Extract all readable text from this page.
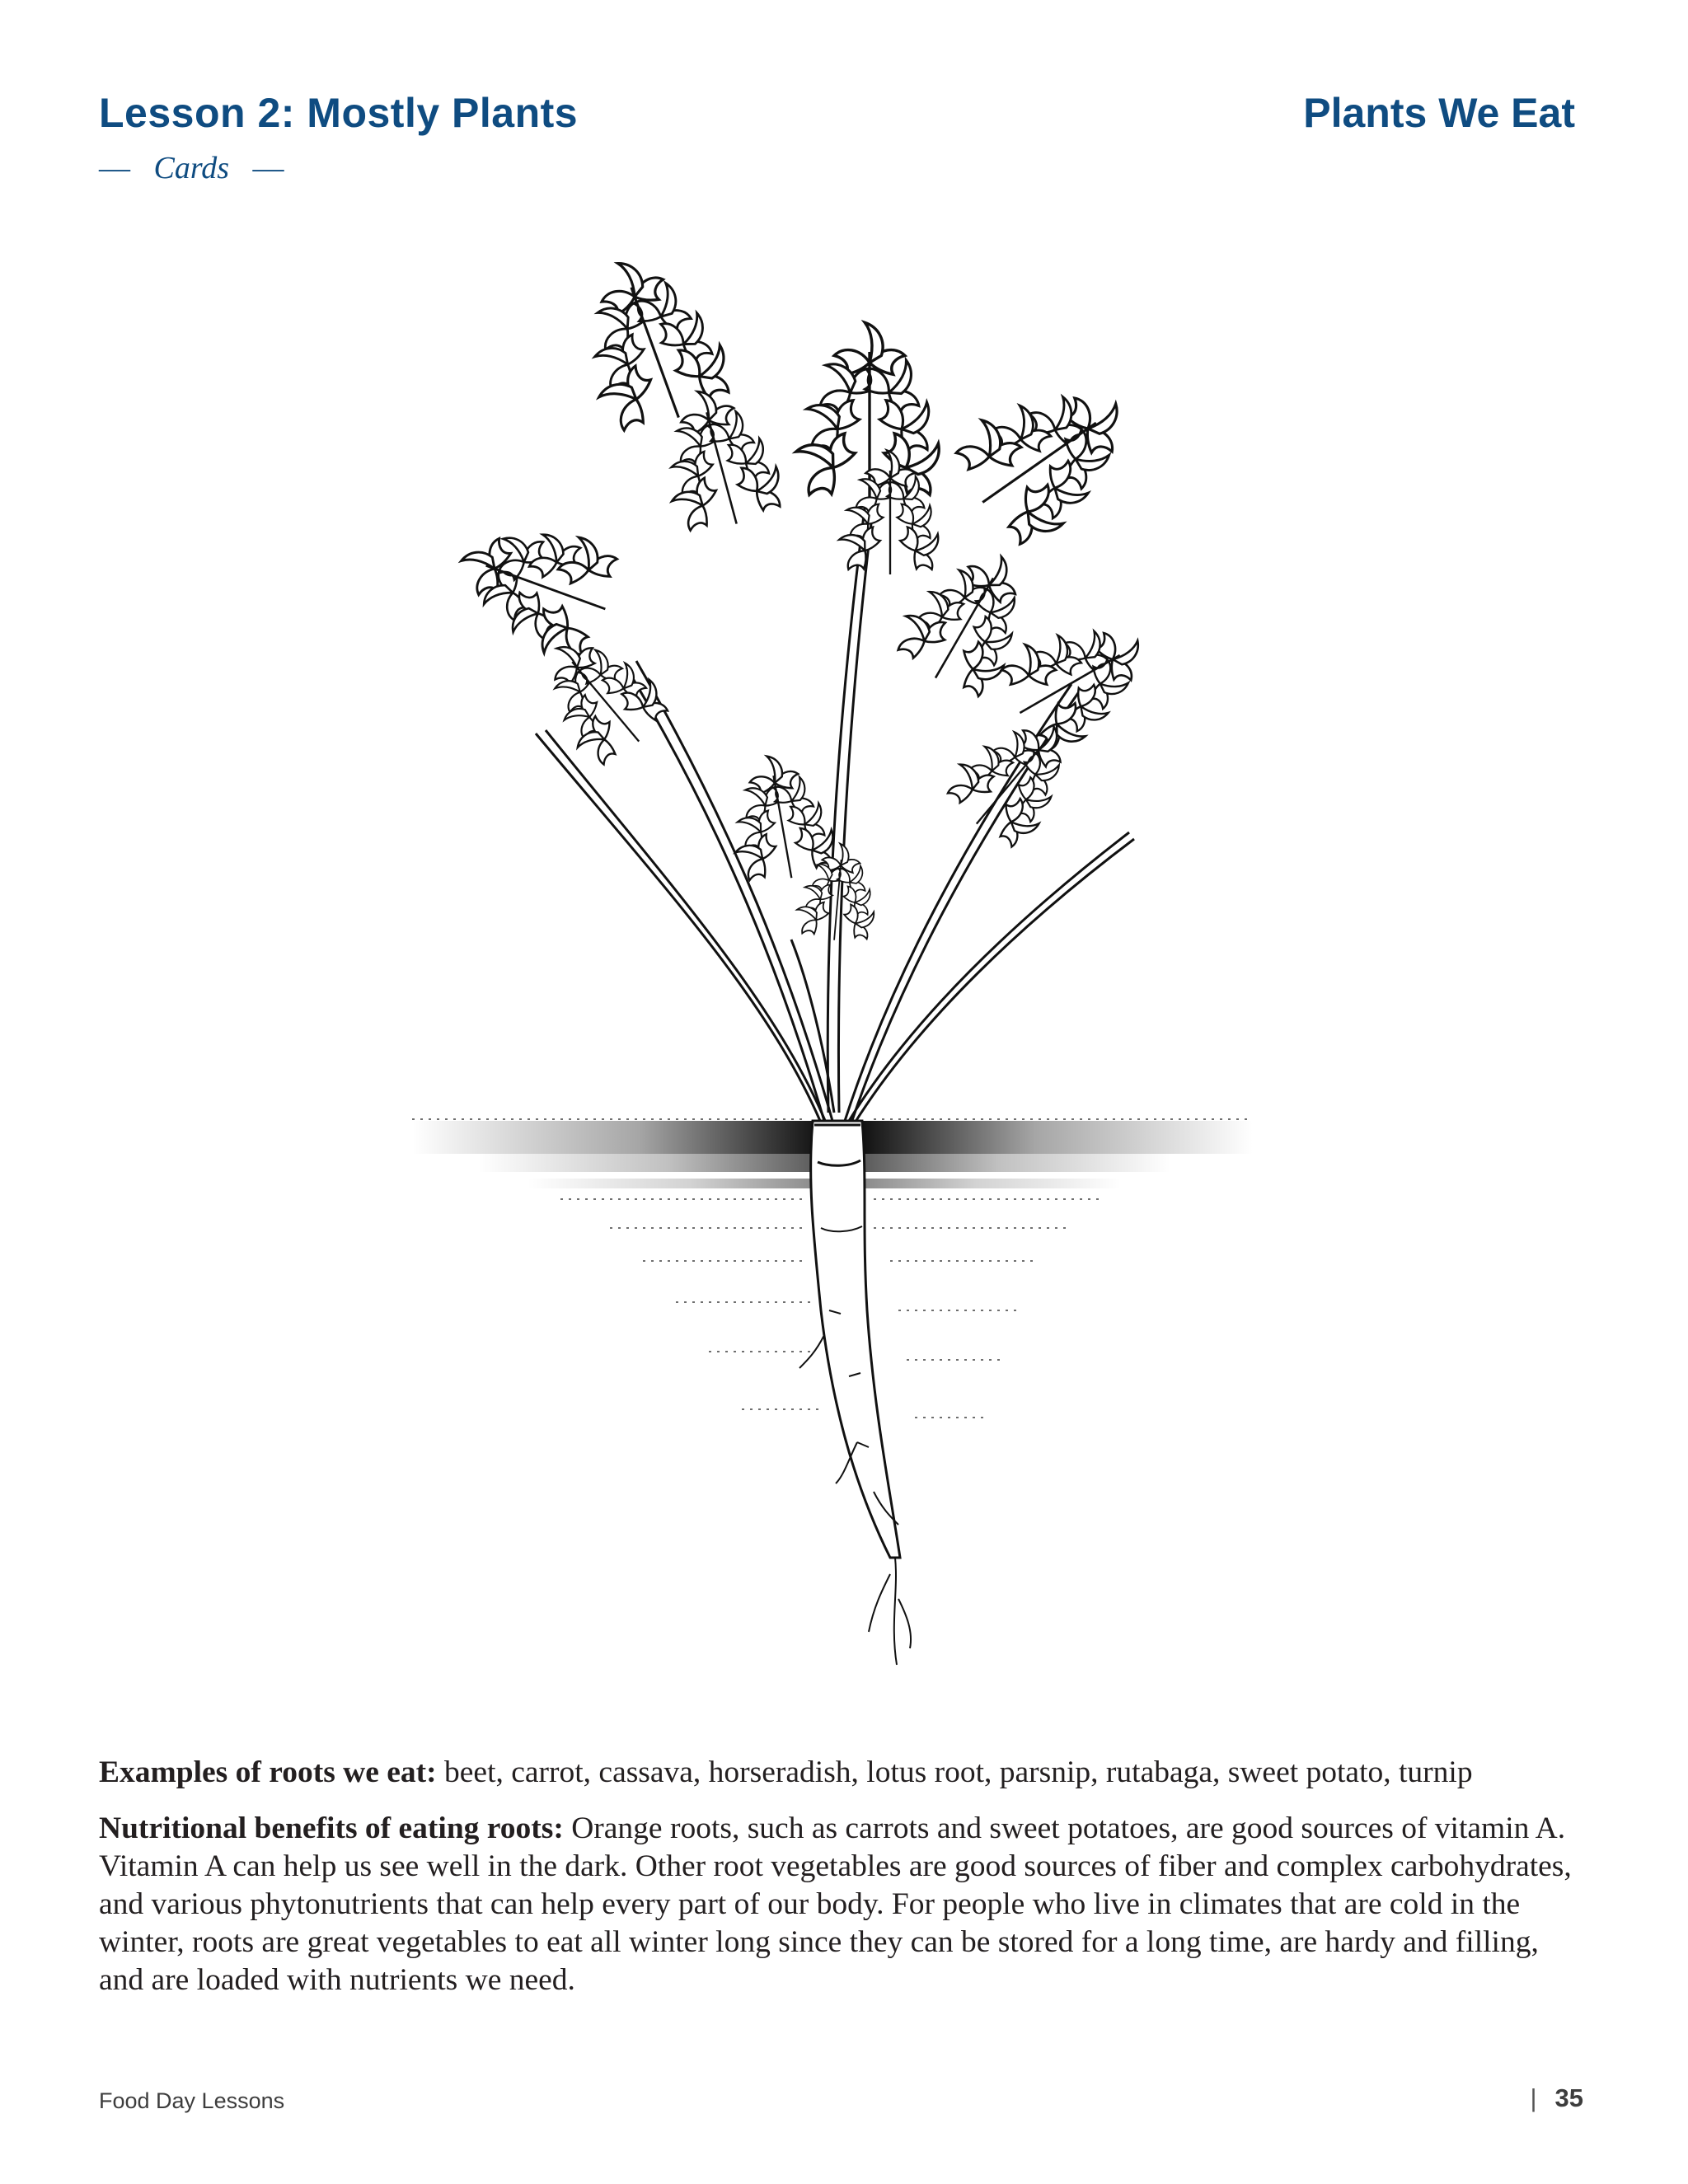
Lesson 2: Mostly Plants	Plants We Eat
— Cards —

Examples of roots we eat: beet, carrot, cassava, horseradish, lotus root, parsnip, rutabaga, sweet potato, turnip

Nutritional benefits of eating roots: Orange roots, such as carrots and sweet potatoes, are good sources of vitamin A. Vitamin A can help us see well in the dark. Other root vegetables are good sources of fiber and complex carbohydrates, and various phytonutrients that can help every part of our body. For people who live in climates that are cold in the winter, roots are great vegetables to eat all winter long since they can be stored for a long time, are hardy and filling, and are loaded with nutrients we need.

Food Day Lessons	| 35
